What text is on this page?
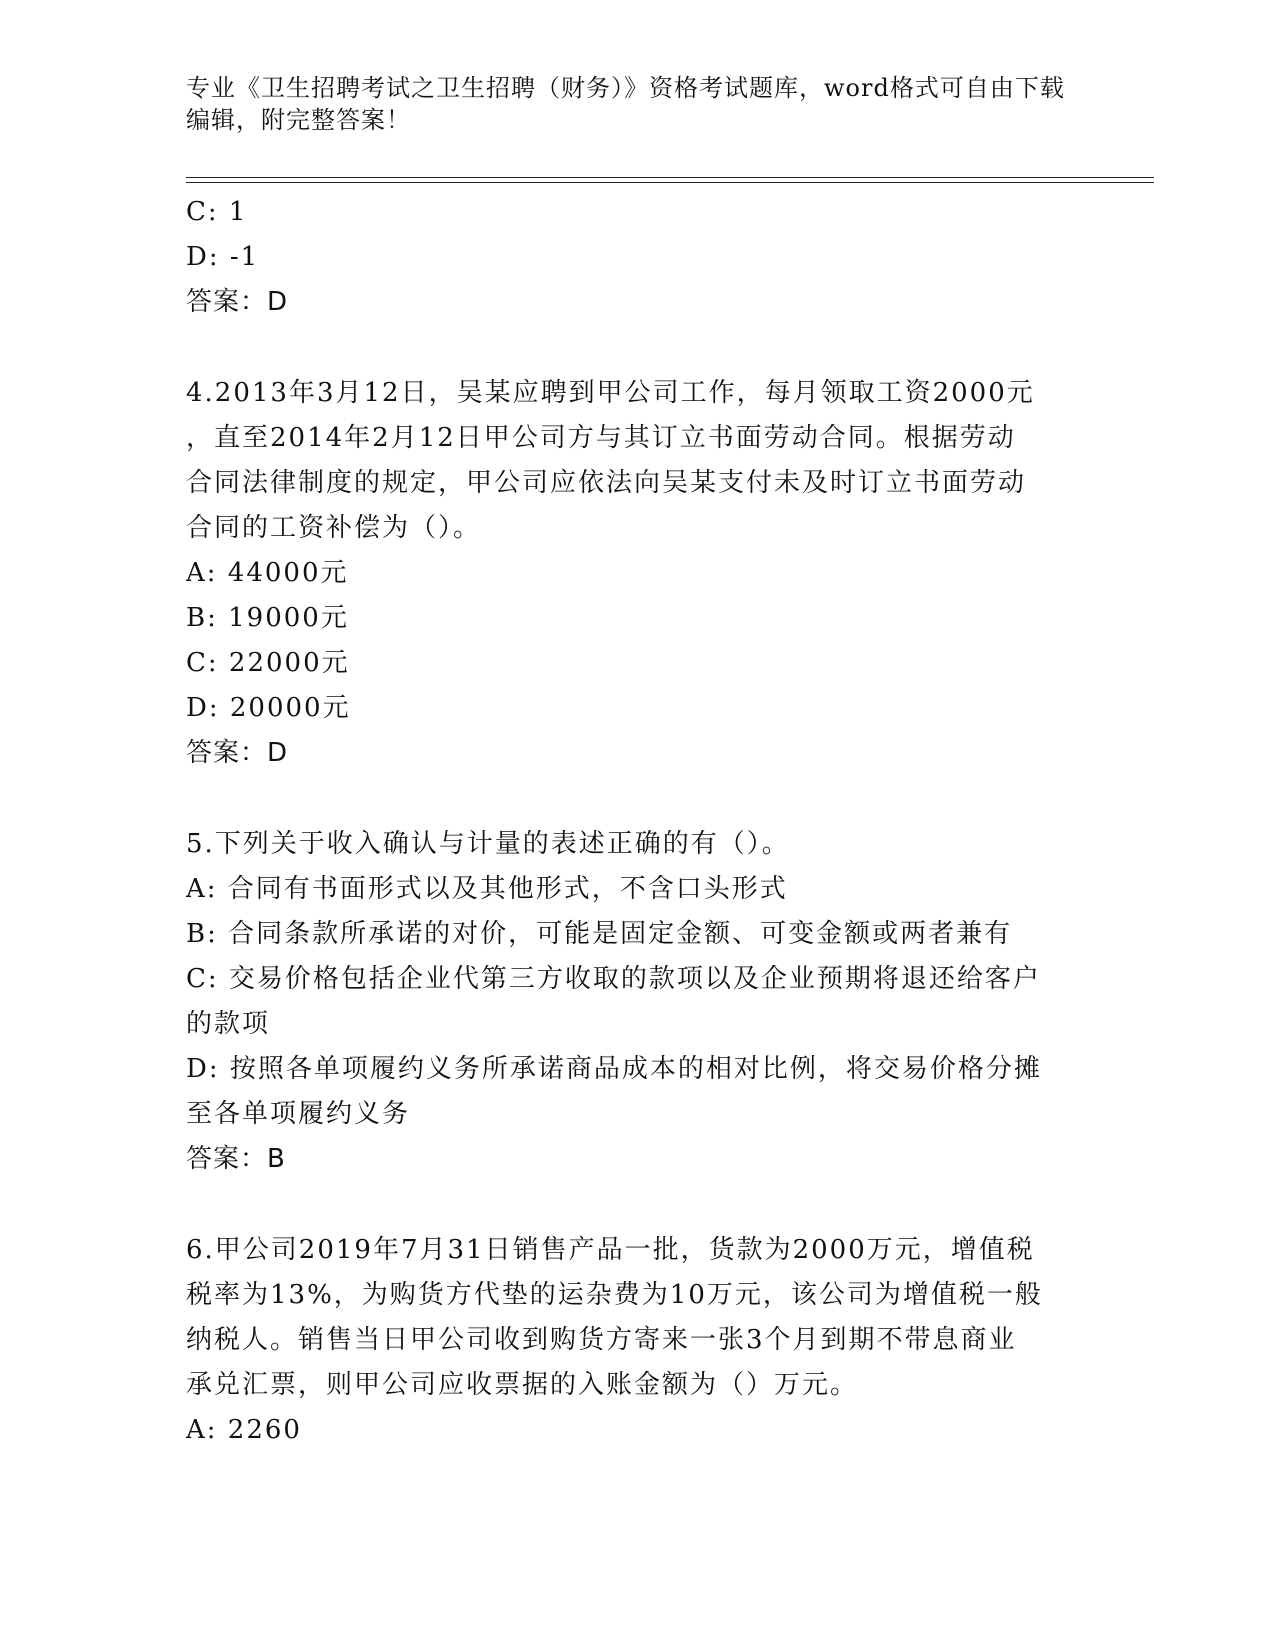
专业《卫生招聘考试之卫生招聘（财务）》资格考试题库，word格式可自由下载
编辑，附完整答案！
C: 1
D: -1
答案：D
4.2013年3月12日，吴某应聘到甲公司工作，每月领取工资2000元
，直至2014年2月12日甲公司方与其订立书面劳动合同。根据劳动
合同法律制度的规定，甲公司应依法向吴某支付未及时订立书面劳动
合同的工资补偿为（）。
A: 44000元
B: 19000元
C: 22000元
D: 20000元
答案：D
5.下列关于收入确认与计量的表述正确的有（）。
A: 合同有书面形式以及其他形式，不含口头形式
B: 合同条款所承诺的对价，可能是固定金额、可变金额或两者兼有
C: 交易价格包括企业代第三方收取的款项以及企业预期将退还给客户
的款项
D: 按照各单项履约义务所承诺商品成本的相对比例，将交易价格分摊
至各单项履约义务
答案：B
6.甲公司2019年7月31日销售产品一批，货款为2000万元，增值税
税率为13%，为购货方代垫的运杂费为10万元，该公司为增值税一般
纳税人。销售当日甲公司收到购货方寄来一张3个月到期不带息商业
承兑汇票，则甲公司应收票据的入账金额为（）万元。
A: 2260
